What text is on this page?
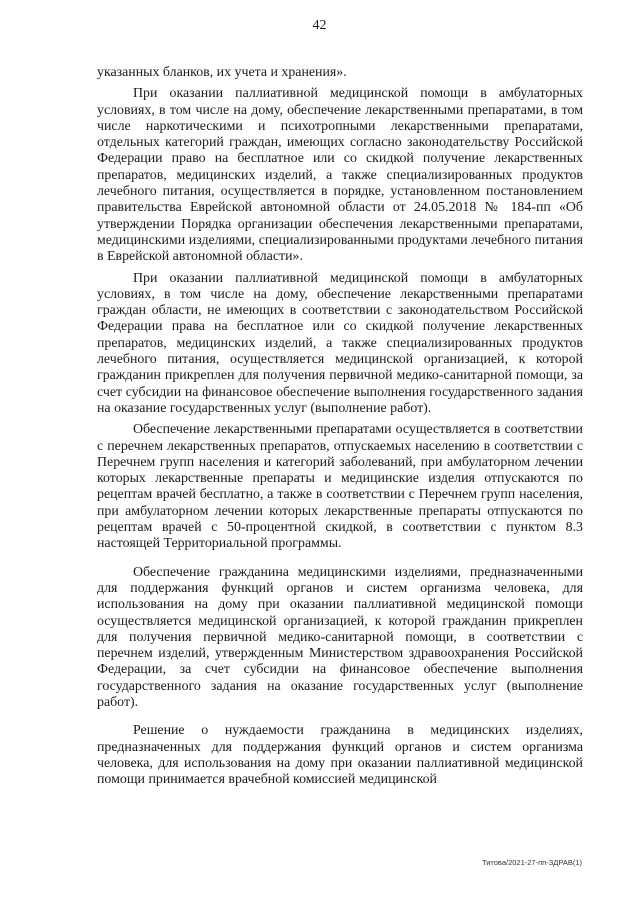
42

указанных бланков, их учета и хранения».

При оказании паллиативной медицинской помощи в амбулаторных условиях, в том числе на дому, обеспечение лекарственными препаратами, в том числе наркотическими и психотропными лекарственными препаратами, отдельных категорий граждан, имеющих согласно законодательству Российской Федерации право на бесплатное или со скидкой получение лекарственных препаратов, медицинских изделий, а также специализированных продуктов лечебного питания, осуществляется в порядке, установленном постановлением правительства Еврейской автономной области от 24.05.2018 № 184-пп «Об утверждении Порядка организации обеспечения лекарственными препаратами, медицинскими изделиями, специализированными продуктами лечебного питания в Еврейской автономной области».

При оказании паллиативной медицинской помощи в амбулаторных условиях, в том числе на дому, обеспечение лекарственными препаратами граждан области, не имеющих в соответствии с законодательством Российской Федерации права на бесплатное или со скидкой получение лекарственных препаратов, медицинских изделий, а также специализированных продуктов лечебного питания, осуществляется медицинской организацией, к которой гражданин прикреплен для получения первичной медико-санитарной помощи, за счет субсидии на финансовое обеспечение выполнения государственного задания на оказание государственных услуг (выполнение работ).

Обеспечение лекарственными препаратами осуществляется в соответствии с перечнем лекарственных препаратов, отпускаемых населению в соответствии с Перечнем групп населения и категорий заболеваний, при амбулаторном лечении которых лекарственные препараты и медицинские изделия отпускаются по рецептам врачей бесплатно, а также в соответствии с Перечнем групп населения, при амбулаторном лечении которых лекарственные препараты отпускаются по рецептам врачей с 50-процентной скидкой, в соответствии с пунктом 8.3 настоящей Территориальной программы.

Обеспечение гражданина медицинскими изделиями, предназначенными для поддержания функций органов и систем организма человека, для использования на дому при оказании паллиативной медицинской помощи осуществляется медицинской организацией, к которой гражданин прикреплен для получения первичной медико-санитарной помощи, в соответствии с перечнем изделий, утвержденным Министерством здравоохранения Российской Федерации, за счет субсидии на финансовое обеспечение выполнения государственного задания на оказание государственных услуг (выполнение работ).

Решение о нуждаемости гражданина в медицинских изделиях, предназначенных для поддержания функций органов и систем организма человека, для использования на дому при оказании паллиативной медицинской помощи принимается врачебной комиссией медицинской

Титова/2021-27-пп-ЗДРАВ(1)
